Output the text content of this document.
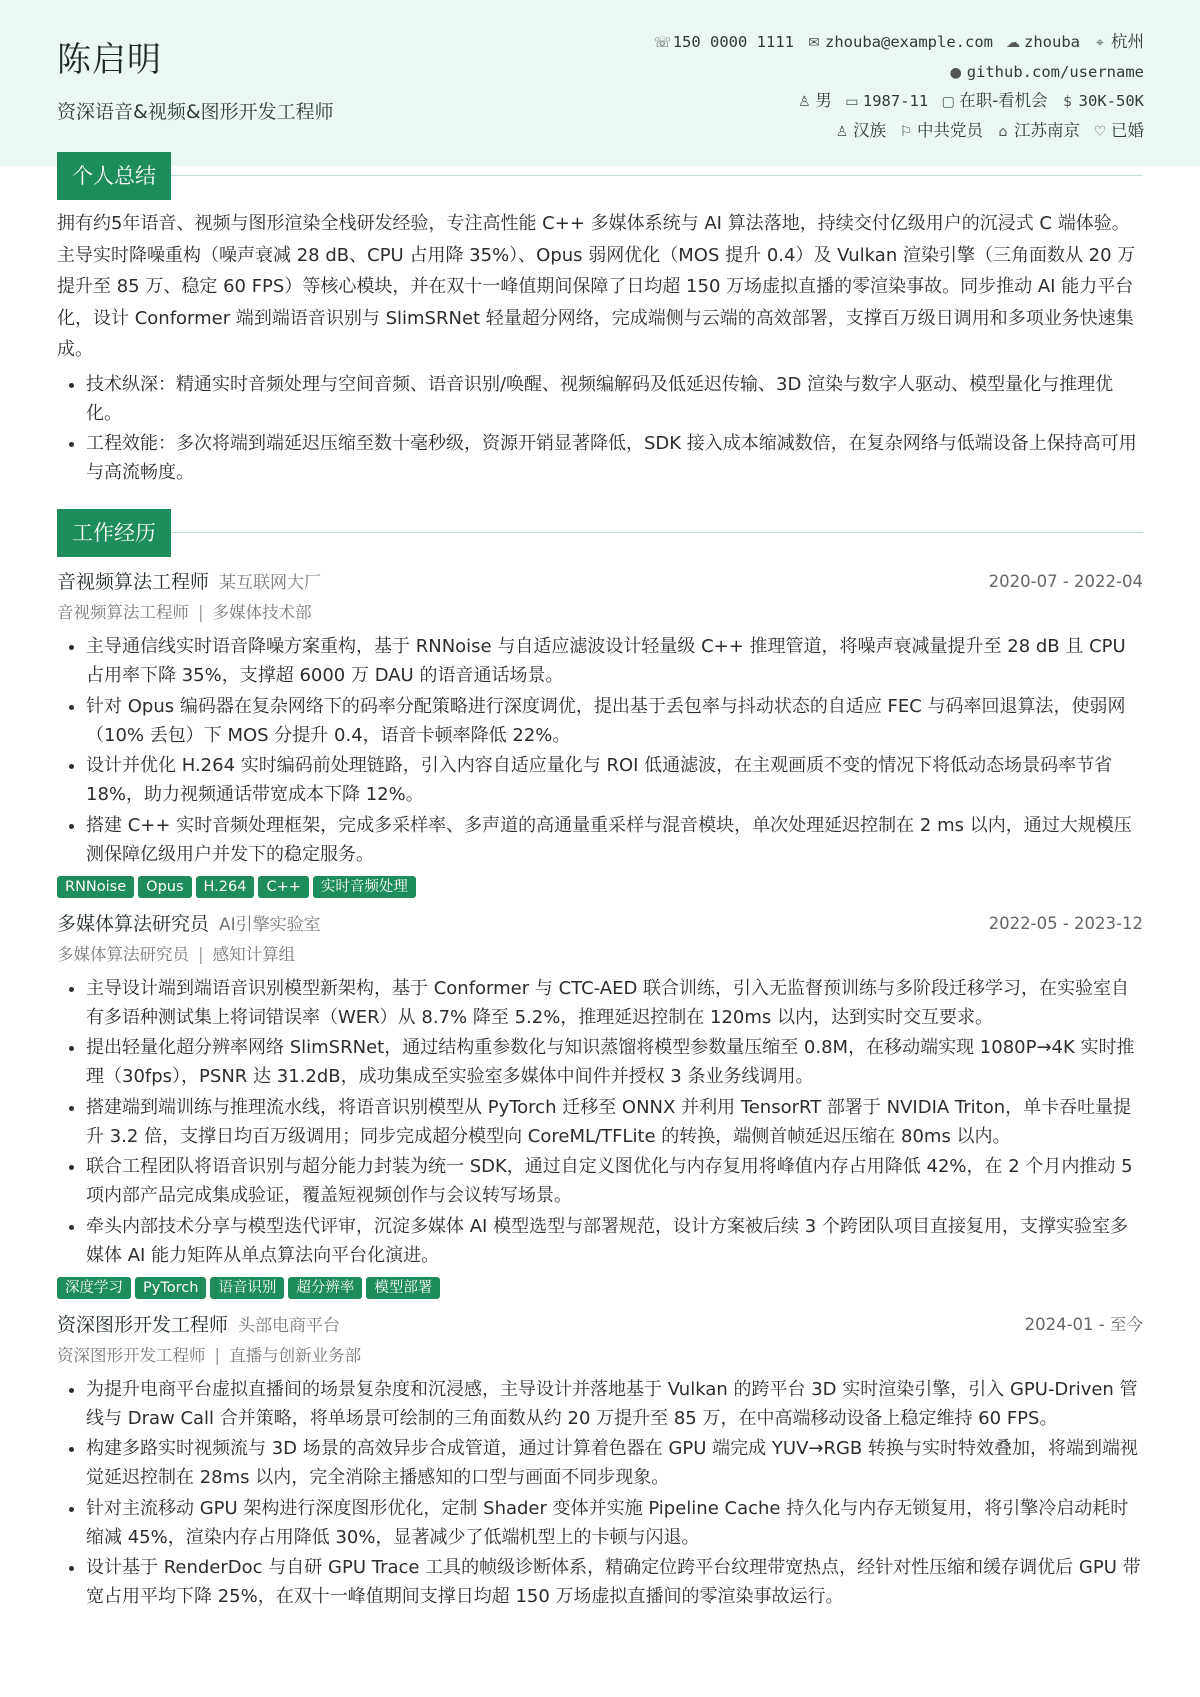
陈启明
资深语音&视频&图形开发工程师
☏150 0000 1111 ✉ zhouba@example.com ☁ zhouba ⌖ 杭州
● github.com/username
♙ 男 ▭ 1987-11 ▢ 在职-看机会 $ 30K-50K
♙ 汉族 ⚐ 中共党员 ⌂ 江苏南京 ♡ 已婚
个人总结

拥有约5年语音、视频与图形渲染全栈研发经验，专注高性能 C++ 多媒体系统与 AI 算法落地，持续交付亿级用户的沉浸式 C 端体验。主导实时降噪重构（噪声衰减 28 dB、CPU 占用降 35%）、Opus 弱网优化（MOS 提升 0.4）及 Vulkan 渲染引擎（三角面数从 20 万提升至 85 万、稳定 60 FPS）等核心模块，并在双十一峰值期间保障了日均超 150 万场虚拟直播的零渲染事故。同步推动 AI 能力平台化，设计 Conformer 端到端语音识别与 SlimSRNet 轻量超分网络，完成端侧与云端的高效部署，支撑百万级日调用和多项业务快速集成。

• 技术纵深：精通实时音频处理与空间音频、语音识别/唤醒、视频编解码及低延迟传输、3D 渲染与数字人驱动、模型量化与推理优化。
• 工程效能：多次将端到端延迟压缩至数十毫秒级，资源开销显著降低，SDK 接入成本缩减数倍，在复杂网络与低端设备上保持高可用与高流畅度。
工作经历
音视频算法工程师 某互联网大厂	2020-07 - 2022-04
音视频算法工程师 | 多媒体技术部
• 主导通信线实时语音降噪方案重构，基于 RNNoise 与自适应滤波设计轻量级 C++ 推理管道，将噪声衰减量提升至 28 dB 且 CPU 占用率下降 35%，支撑超 6000 万 DAU 的语音通话场景。
• 针对 Opus 编码器在复杂网络下的码率分配策略进行深度调优，提出基于丢包率与抖动状态的自适应 FEC 与码率回退算法，使弱网（10% 丢包）下 MOS 分提升 0.4，语音卡顿率降低 22%。
• 设计并优化 H.264 实时编码前处理链路，引入内容自适应量化与 ROI 低通滤波，在主观画质不变的情况下将低动态场景码率节省 18%，助力视频通话带宽成本下降 12%。
• 搭建 C++ 实时音频处理框架，完成多采样率、多声道的高通量重采样与混音模块，单次处理延迟控制在 2 ms 以内，通过大规模压测保障亿级用户并发下的稳定服务。
RNNoise Opus H.264 C++ 实时音频处理
多媒体算法研究员 AI引擎实验室	2022-05 - 2023-12
多媒体算法研究员 | 感知计算组
• 主导设计端到端语音识别模型新架构，基于 Conformer 与 CTC-AED 联合训练，引入无监督预训练与多阶段迁移学习，在实验室自有多语种测试集上将词错误率（WER）从 8.7% 降至 5.2%，推理延迟控制在 120ms 以内，达到实时交互要求。
• 提出轻量化超分辨率网络 SlimSRNet，通过结构重参数化与知识蒸馏将模型参数量压缩至 0.8M，在移动端实现 1080P→4K 实时推理（30fps），PSNR 达 31.2dB，成功集成至实验室多媒体中间件并授权 3 条业务线调用。
• 搭建端到端训练与推理流水线，将语音识别模型从 PyTorch 迁移至 ONNX 并利用 TensorRT 部署于 NVIDIA Triton，单卡吞吐量提升 3.2 倍，支撑日均百万级调用；同步完成超分模型向 CoreML/TFLite 的转换，端侧首帧延迟压缩在 80ms 以内。
• 联合工程团队将语音识别与超分能力封装为统一 SDK，通过自定义图优化与内存复用将峰值内存占用降低 42%，在 2 个月内推动 5 项内部产品完成集成验证，覆盖短视频创作与会议转写场景。
• 牵头内部技术分享与模型迭代评审，沉淀多媒体 AI 模型选型与部署规范，设计方案被后续 3 个跨团队项目直接复用，支撑实验室多媒体 AI 能力矩阵从单点算法向平台化演进。
深度学习 PyTorch 语音识别 超分辨率 模型部署
资深图形开发工程师 头部电商平台	2024-01 - 至今
资深图形开发工程师 | 直播与创新业务部
• 为提升电商平台虚拟直播间的场景复杂度和沉浸感，主导设计并落地基于 Vulkan 的跨平台 3D 实时渲染引擎，引入 GPU-Driven 管线与 Draw Call 合并策略，将单场景可绘制的三角面数从约 20 万提升至 85 万，在中高端移动设备上稳定维持 60 FPS。
• 构建多路实时视频流与 3D 场景的高效异步合成管道，通过计算着色器在 GPU 端完成 YUV→RGB 转换与实时特效叠加，将端到端视觉延迟控制在 28ms 以内，完全消除主播感知的口型与画面不同步现象。
• 针对主流移动 GPU 架构进行深度图形优化，定制 Shader 变体并实施 Pipeline Cache 持久化与内存无锁复用，将引擎冷启动耗时缩减 45%，渲染内存占用降低 30%，显著减少了低端机型上的卡顿与闪退。
• 设计基于 RenderDoc 与自研 GPU Trace 工具的帧级诊断体系，精确定位跨平台纹理带宽热点，经针对性压缩和缓存调优后 GPU 带宽占用平均下降 25%，在双十一峰值期间支撑日均超 150 万场虚拟直播间的零渲染事故运行。
